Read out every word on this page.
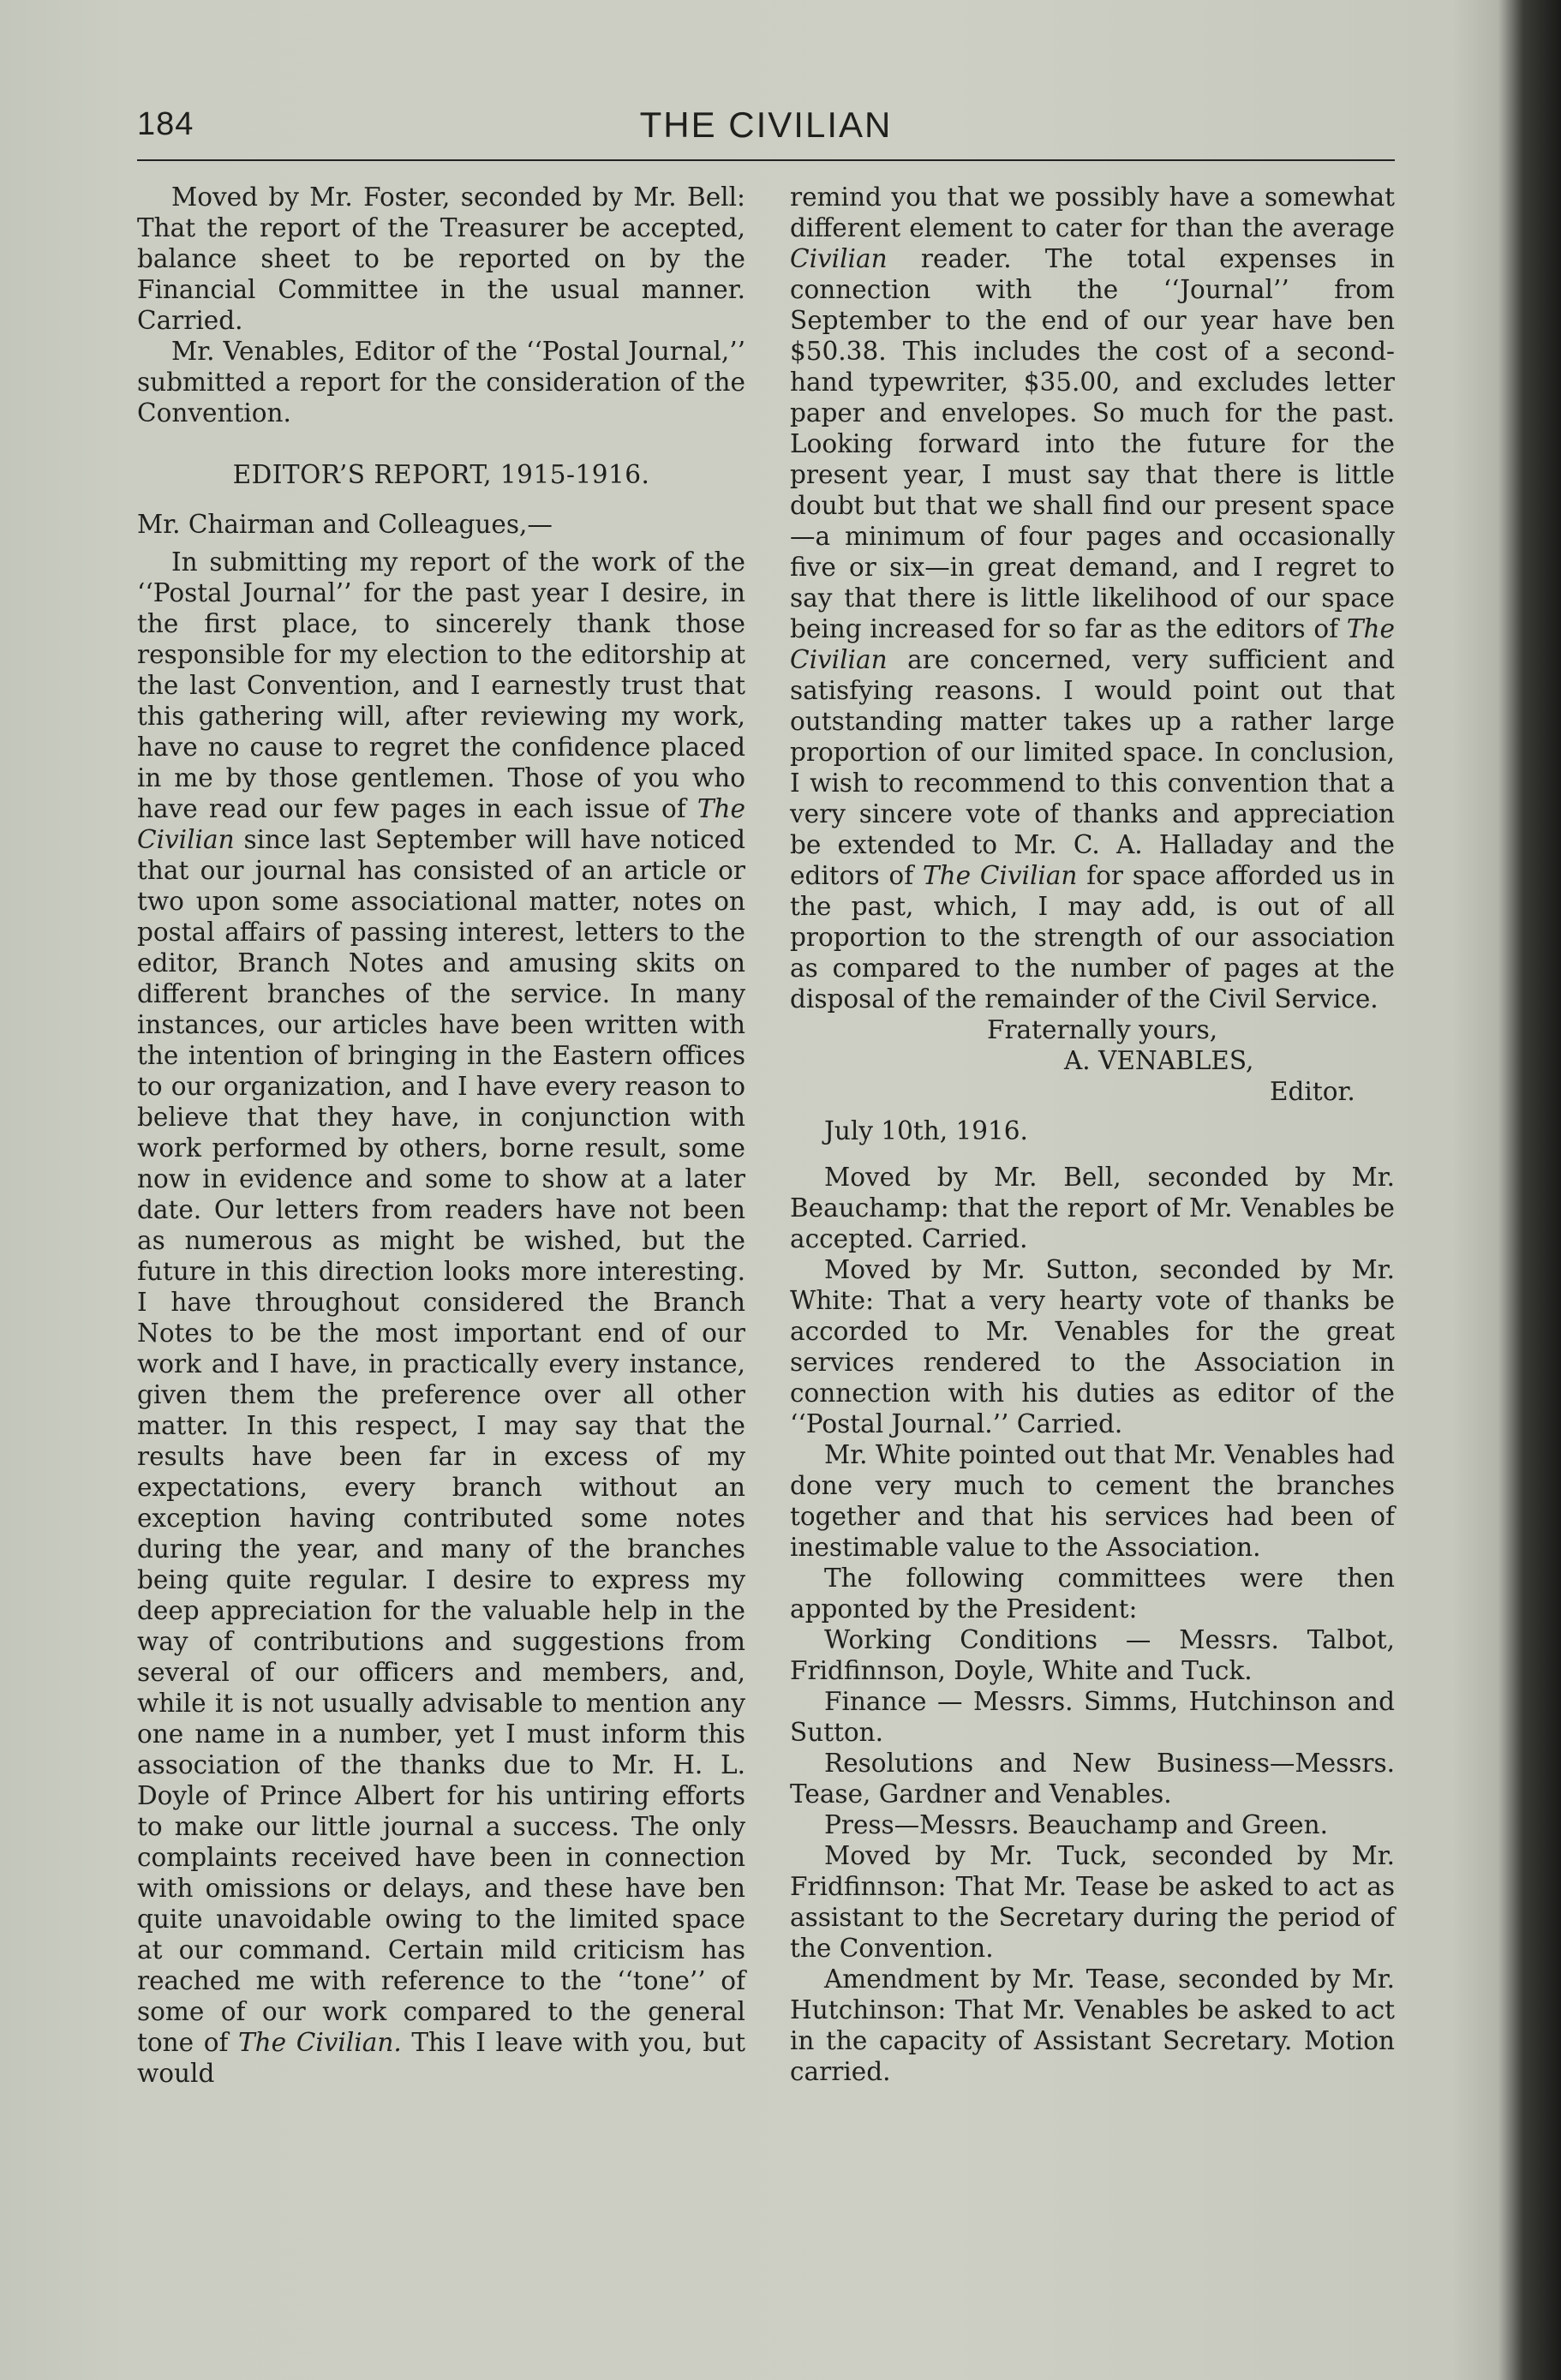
184	THE CIVILIAN

Moved by Mr. Foster, seconded by Mr. Bell: That the report of the Treasurer be accepted, balance sheet to be reported on by the Financial Committee in the usual manner. Carried.

Mr. Venables, Editor of the ‘‘Postal Journal,’’ submitted a report for the consideration of the Convention.

EDITOR’S REPORT, 1915-1916.

Mr. Chairman and Colleagues,—

In submitting my report of the work of the ‘‘Postal Journal’’ for the past year I desire, in the first place, to sincerely thank those responsible for my election to the editorship at the last Convention, and I earnestly trust that this gathering will, after reviewing my work, have no cause to regret the confidence placed in me by those gentlemen. Those of you who have read our few pages in each issue of The Civilian since last September will have noticed that our journal has consisted of an article or two upon some associational matter, notes on postal affairs of passing interest, letters to the editor, Branch Notes and amusing skits on different branches of the service. In many instances, our articles have been written with the intention of bringing in the Eastern offices to our organization, and I have every reason to believe that they have, in conjunction with work performed by others, borne result, some now in evidence and some to show at a later date. Our letters from readers have not been as numerous as might be wished, but the future in this direction looks more interesting. I have throughout considered the Branch Notes to be the most important end of our work and I have, in practically every instance, given them the preference over all other matter. In this respect, I may say that the results have been far in excess of my expectations, every branch without an exception having contributed some notes during the year, and many of the branches being quite regular. I desire to express my deep appreciation for the valuable help in the way of contributions and suggestions from several of our officers and members, and, while it is not usually advisable to mention any one name in a number, yet I must inform this association of the thanks due to Mr. H. L. Doyle of Prince Albert for his untiring efforts to make our little journal a success. The only complaints received have been in connection with omissions or delays, and these have ben quite unavoidable owing to the limited space at our command. Certain mild criticism has reached me with reference to the ‘‘tone’’ of some of our work compared to the general tone of The Civilian. This I leave with you, but would

remind you that we possibly have a somewhat different element to cater for than the average Civilian reader. The total expenses in connection with the ‘‘Journal’’ from September to the end of our year have ben $50.38. This includes the cost of a second-hand typewriter, $35.00, and excludes letter paper and envelopes. So much for the past. Looking forward into the future for the present year, I must say that there is little doubt but that we shall find our present space—a minimum of four pages and occasionally five or six—in great demand, and I regret to say that there is little likelihood of our space being increased for so far as the editors of The Civilian are concerned, very sufficient and satisfying reasons. I would point out that outstanding matter takes up a rather large proportion of our limited space. In conclusion, I wish to recommend to this convention that a very sincere vote of thanks and appreciation be extended to Mr. C. A. Halladay and the editors of The Civilian for space afforded us in the past, which, I may add, is out of all proportion to the strength of our association as compared to the number of pages at the disposal of the remainder of the Civil Service.

Fraternally yours,

A. VENABLES,

Editor.

July 10th, 1916.

Moved by Mr. Bell, seconded by Mr. Beauchamp: that the report of Mr. Venables be accepted. Carried.

Moved by Mr. Sutton, seconded by Mr. White: That a very hearty vote of thanks be accorded to Mr. Venables for the great services rendered to the Association in connection with his duties as editor of the ‘‘Postal Journal.’’ Carried.

Mr. White pointed out that Mr. Venables had done very much to cement the branches together and that his services had been of inestimable value to the Association.

The following committees were then apponted by the President:

Working Conditions — Messrs. Talbot, Fridfinnson, Doyle, White and Tuck.

Finance — Messrs. Simms, Hutchinson and Sutton.

Resolutions and New Business—Messrs. Tease, Gardner and Venables.

Press—Messrs. Beauchamp and Green.

Moved by Mr. Tuck, seconded by Mr. Fridfinnson: That Mr. Tease be asked to act as assistant to the Secretary during the period of the Convention.

Amendment by Mr. Tease, seconded by Mr. Hutchinson: That Mr. Venables be asked to act in the capacity of Assistant Secretary. Motion carried.
